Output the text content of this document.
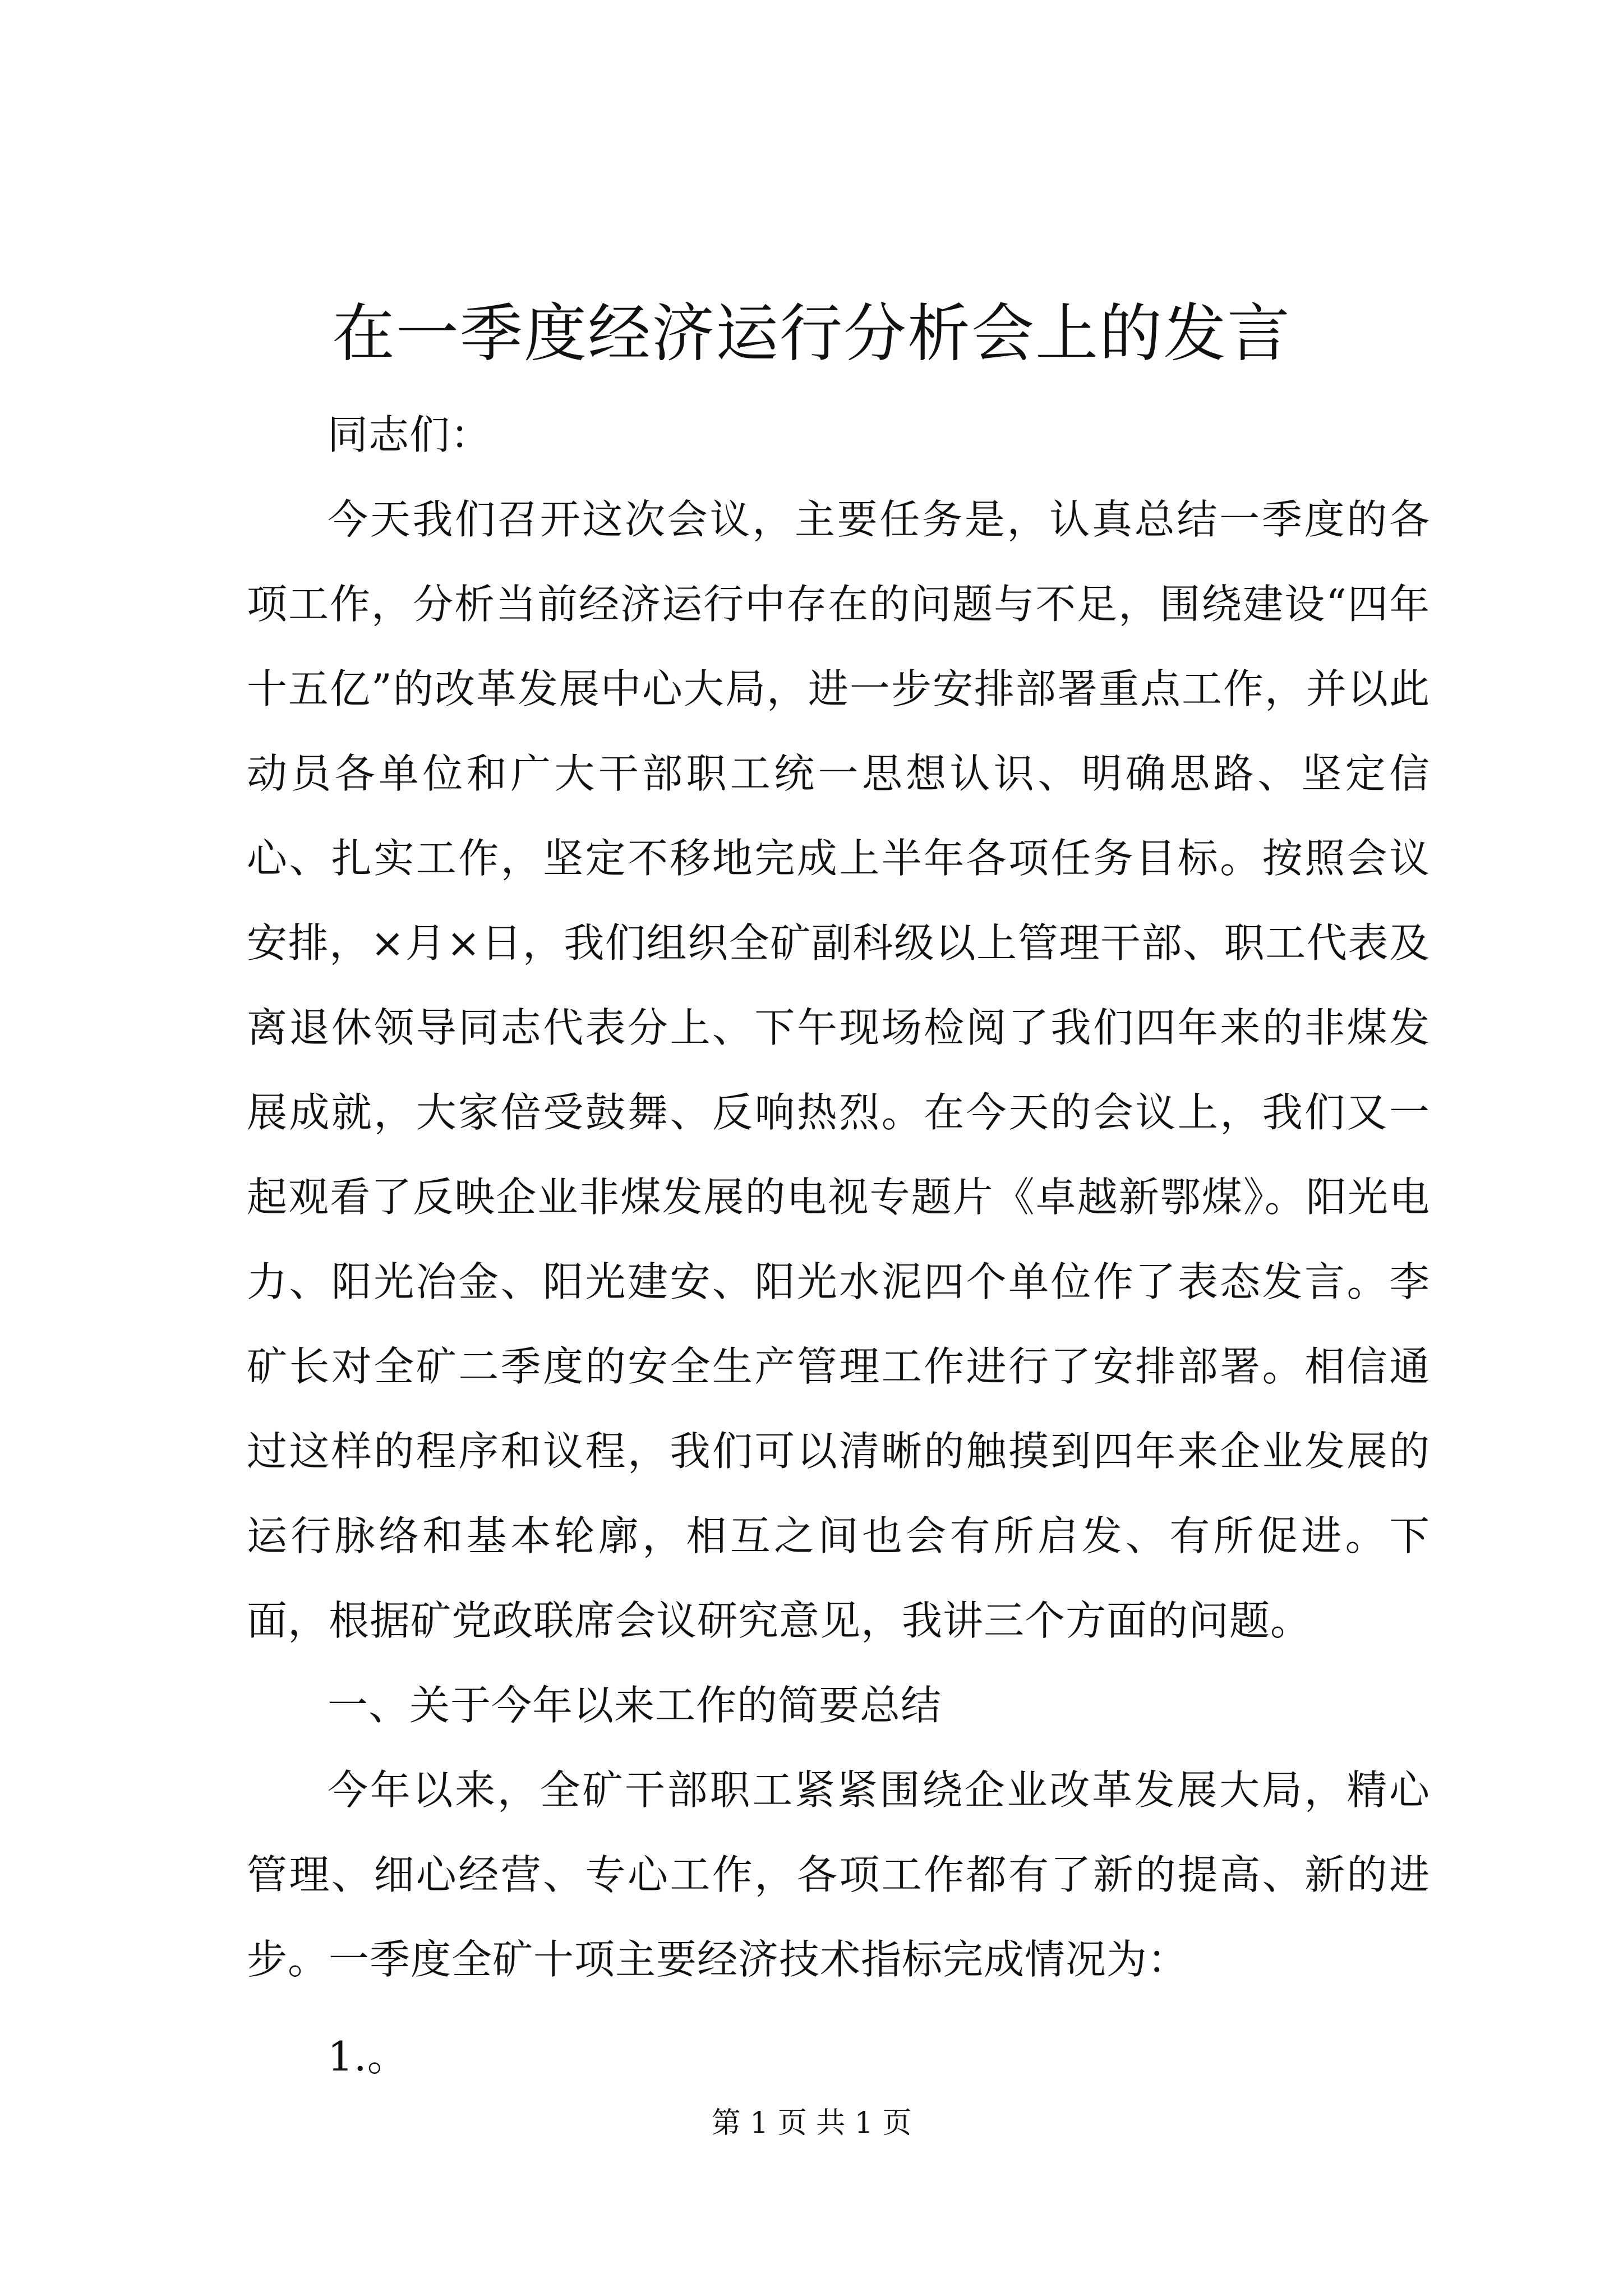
在一季度经济运行分析会上的发言

同志们：

今天我们召开这次会议，主要任务是，认真总结一季度的各项工作，分析当前经济运行中存在的问题与不足，围绕建设“四年十五亿”的改革发展中心大局，进一步安排部署重点工作，并以此动员各单位和广大干部职工统一思想认识、明确思路、坚定信心、扎实工作，坚定不移地完成上半年各项任务目标。按照会议安排，×月×日，我们组织全矿副科级以上管理干部、职工代表及离退休领导同志代表分上、下午现场检阅了我们四年来的非煤发展成就，大家倍受鼓舞、反响热烈。在今天的会议上，我们又一起观看了反映企业非煤发展的电视专题片《卓越新鄂煤》。阳光电力、阳光冶金、阳光建安、阳光水泥四个单位作了表态发言。李矿长对全矿二季度的安全生产管理工作进行了安排部署。相信通过这样的程序和议程，我们可以清晰的触摸到四年来企业发展的运行脉络和基本轮廓，相互之间也会有所启发、有所促进。下面，根据矿党政联席会议研究意见，我讲三个方面的问题。

一、关于今年以来工作的简要总结

今年以来，全矿干部职工紧紧围绕企业改革发展大局，精心管理、细心经营、专心工作，各项工作都有了新的提高、新的进步。一季度全矿十项主要经济技术指标完成情况为：

1.。

第 1 页 共 1 页
